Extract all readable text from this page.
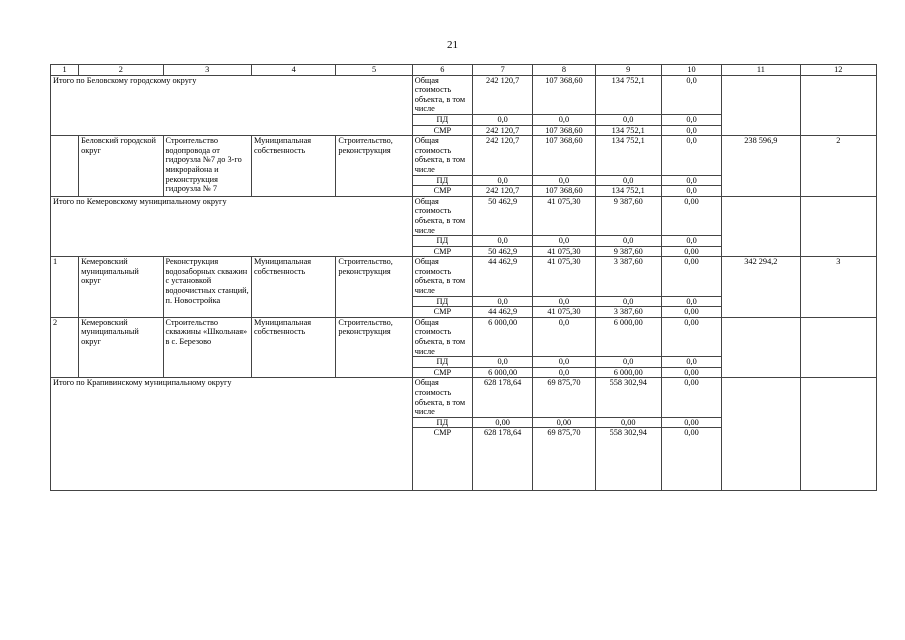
21
1	2	3	4	5	6	7	8	9	10	11	12
Итого по Беловскому городскому округу					Общая стоимость объекта, в том числе	242 120,7	107 368,60	134 752,1	0,0		
					ПД	0,0	0,0	0,0	0,0		
					СМР	242 120,7	107 368,60	134 752,1	0,0		
	Беловский городской округ	Строительство водопровода от гидроузла №7 до 3-го микрорайона и реконструкция гидроузла № 7	Муниципальная собственность	Строительство, реконструкция	Общая стоимость объекта, в том числе	242 120,7	107 368,60	134 752,1	0,0	238 596,9	2
					ПД	0,0	0,0	0,0	0,0		
					СМР	242 120,7	107 368,60	134 752,1	0,0		
Итого по Кемеровскому муниципальному округу					Общая стоимость объекта, в том числе	50 462,9	41 075,30	9 387,60	0,00		
					ПД	0,0	0,0	0,0	0,0		
					СМР	50 462,9	41 075,30	9 387,60	0,00		
1	Кемеровский муниципальный округ	Реконструкция водозаборных скважин с установкой водоочистных станций, п. Новостройка	Муниципальная собственность	Строительство, реконструкция	Общая стоимость объекта, в том числе	44 462,9	41 075,30	3 387,60	0,00	342 294,2	3
					ПД	0,0	0,0	0,0	0,0		
					СМР	44 462,9	41 075,30	3 387,60	0,00		
2	Кемеровский муниципальный округ	Строительство скважины «Школьная» в с. Березово	Муниципальная собственность	Строительство, реконструкция	Общая стоимость объекта, в том числе	6 000,00	0,0	6 000,00	0,00		
					ПД	0,0	0,0	0,0	0,0		
					СМР	6 000,00	0,0	6 000,00	0,00		
Итого по Крапивинскому муниципальному округу					Общая стоимость объекта, в том числе	628 178,64	69 875,70	558 302,94	0,00		
					ПД	0,00	0,00	0,00	0,00		
					СМР	628 178,64	69 875,70	558 302,94	0,00		
